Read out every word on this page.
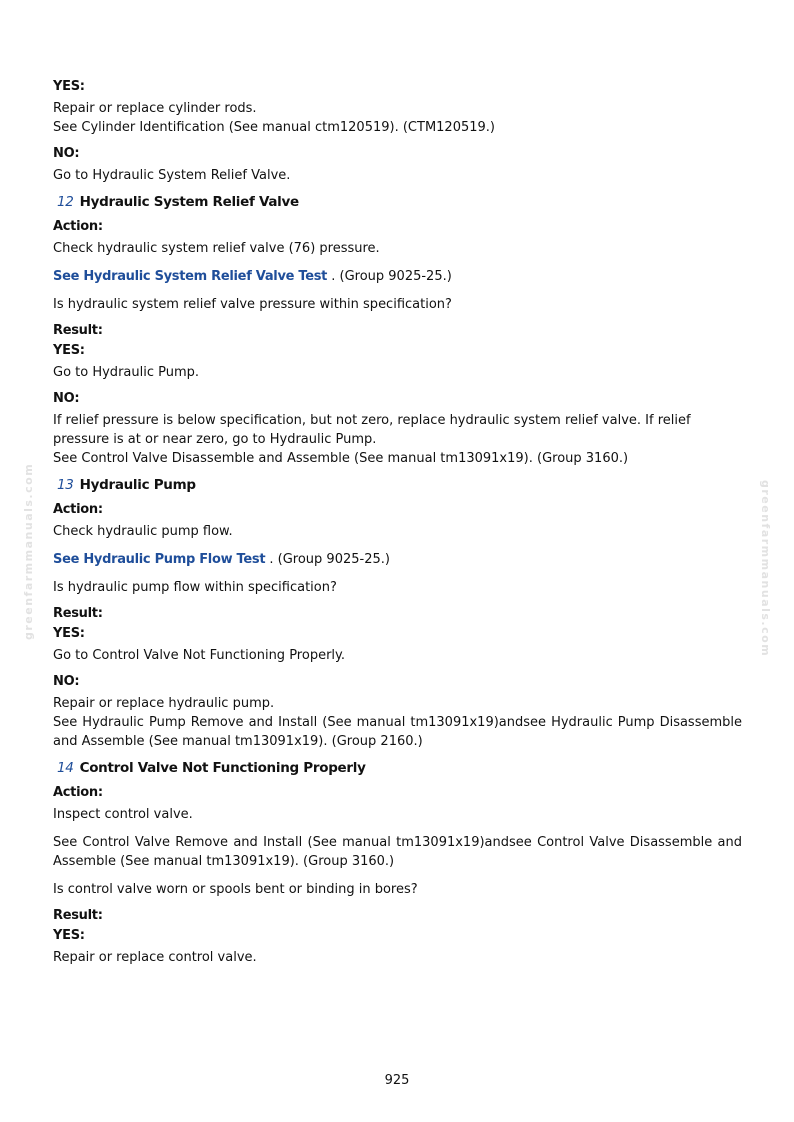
greenfarmmanuals.com	greenfarmmanuals.com

YES:

Repair or replace cylinder rods.

See Cylinder Identification (See manual ctm120519). (CTM120519.)

NO:

Go to Hydraulic System Relief Valve.

12 Hydraulic System Relief Valve

Action:

Check hydraulic system relief valve (76) pressure.

See Hydraulic System Relief Valve Test . (Group 9025-25.)

Is hydraulic system relief valve pressure within specification?

Result:

YES:

Go to Hydraulic Pump.

NO:

If relief pressure is below specification, but not zero, replace hydraulic system relief valve. If relief pressure is at or near zero, go to Hydraulic Pump.

See Control Valve Disassemble and Assemble (See manual tm13091x19). (Group 3160.)

13 Hydraulic Pump

Action:

Check hydraulic pump flow.

See Hydraulic Pump Flow Test . (Group 9025-25.)

Is hydraulic pump flow within specification?

Result:

YES:

Go to Control Valve Not Functioning Properly.

NO:

Repair or replace hydraulic pump.

See Hydraulic Pump Remove and Install (See manual tm13091x19)andsee Hydraulic Pump Disassemble and Assemble (See manual tm13091x19). (Group 2160.)

14 Control Valve Not Functioning Properly

Action:

Inspect control valve.

See Control Valve Remove and Install (See manual tm13091x19)andsee Control Valve Disassemble and Assemble (See manual tm13091x19). (Group 3160.)

Is control valve worn or spools bent or binding in bores?

Result:

YES:

Repair or replace control valve.

925
